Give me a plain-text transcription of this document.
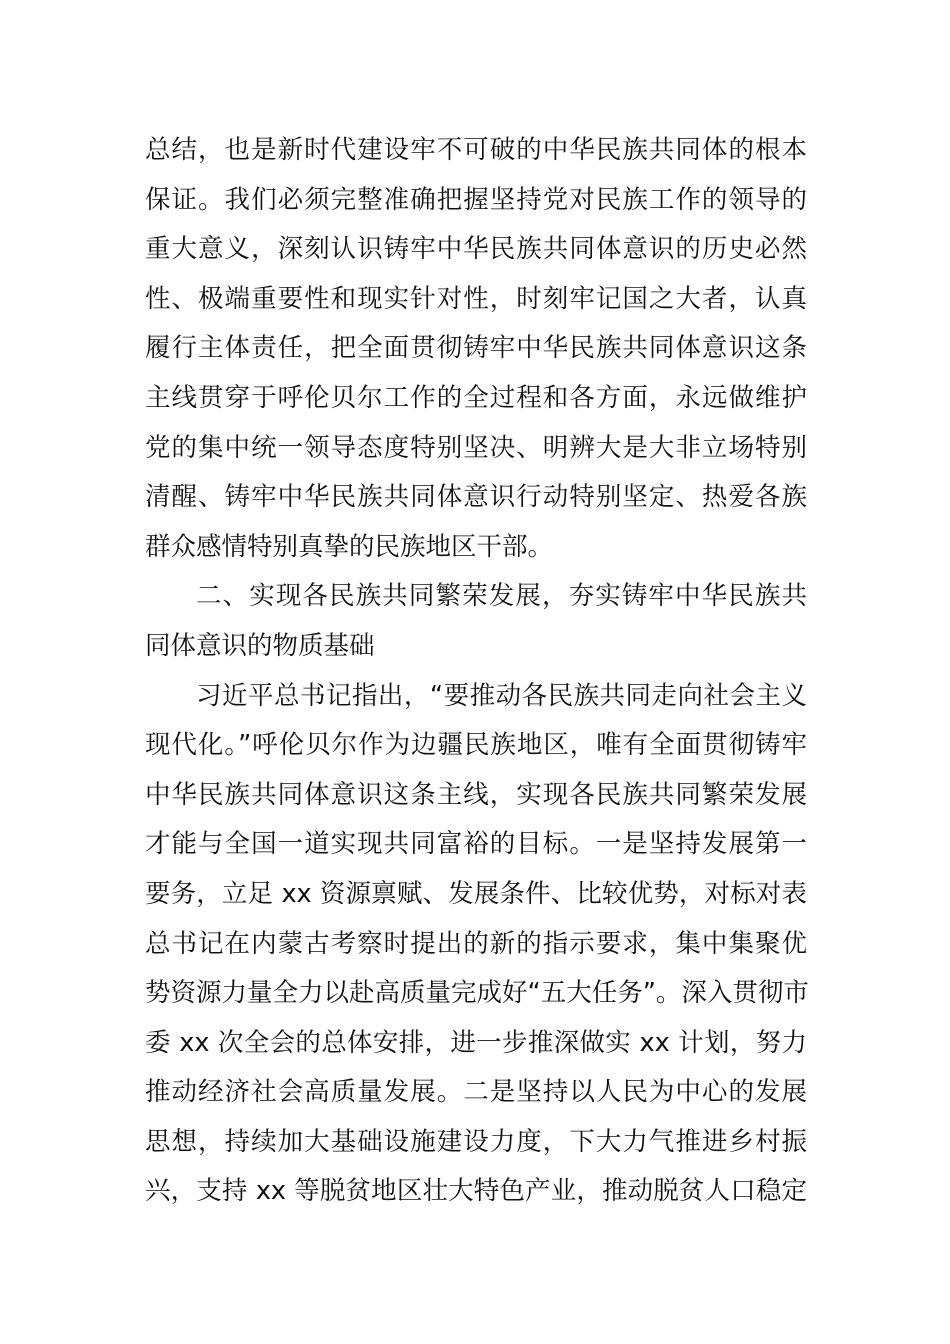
总结，也是新时代建设牢不可破的中华民族共同体的根本
保证。我们必须完整准确把握坚持党对民族工作的领导的
重大意义，深刻认识铸牢中华民族共同体意识的历史必然
性、极端重要性和现实针对性，时刻牢记国之大者，认真
履行主体责任，把全面贯彻铸牢中华民族共同体意识这条
主线贯穿于呼伦贝尔工作的全过程和各方面，永远做维护
党的集中统一领导态度特别坚决、明辨大是大非立场特别
清醒、铸牢中华民族共同体意识行动特别坚定、热爱各族
群众感情特别真挚的民族地区干部。
二、实现各民族共同繁荣发展，夯实铸牢中华民族共
同体意识的物质基础
习近平总书记指出，“要推动各民族共同走向社会主义
现代化。”呼伦贝尔作为边疆民族地区，唯有全面贯彻铸牢
中华民族共同体意识这条主线，实现各民族共同繁荣发展
才能与全国一道实现共同富裕的目标。一是坚持发展第一
要务，立足 xx 资源禀赋、发展条件、比较优势，对标对表
总书记在内蒙古考察时提出的新的指示要求，集中集聚优
势资源力量全力以赴高质量完成好“五大任务”。深入贯彻市
委 xx 次全会的总体安排，进一步推深做实 xx 计划，努力
推动经济社会高质量发展。二是坚持以人民为中心的发展
思想，持续加大基础设施建设力度，下大力气推进乡村振
兴，支持 xx 等脱贫地区壮大特色产业，推动脱贫人口稳定
